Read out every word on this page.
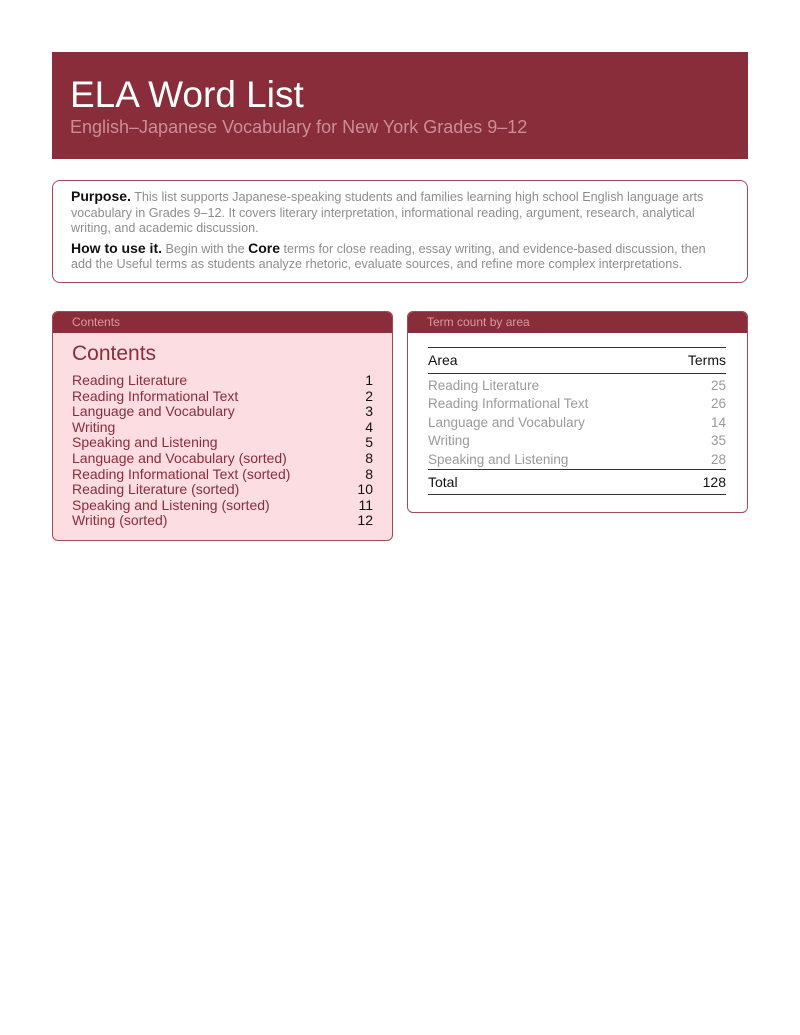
ELA Word List
English–Japanese Vocabulary for New York Grades 9–12

Purpose. This list supports Japanese-speaking students and families learning high school English language arts vocabulary in Grades 9–12. It covers literary interpretation, informational reading, argument, research, analytical writing, and academic discussion.

How to use it. Begin with the Core terms for close reading, essay writing, and evidence-based discussion, then add the Useful terms as students analyze rhetoric, evaluate sources, and refine more complex interpretations.

Contents
Contents
Reading Literature	1
Reading Informational Text	2
Language and Vocabulary	3
Writing	4
Speaking and Listening	5
Language and Vocabulary (sorted)	8
Reading Informational Text (sorted)	8
Reading Literature (sorted)	10
Speaking and Listening (sorted)	11
Writing (sorted)	12
Term count by area
Area	Terms
Reading Literature	25
Reading Informational Text	26
Language and Vocabulary	14
Writing	35
Speaking and Listening	28
Total	128
